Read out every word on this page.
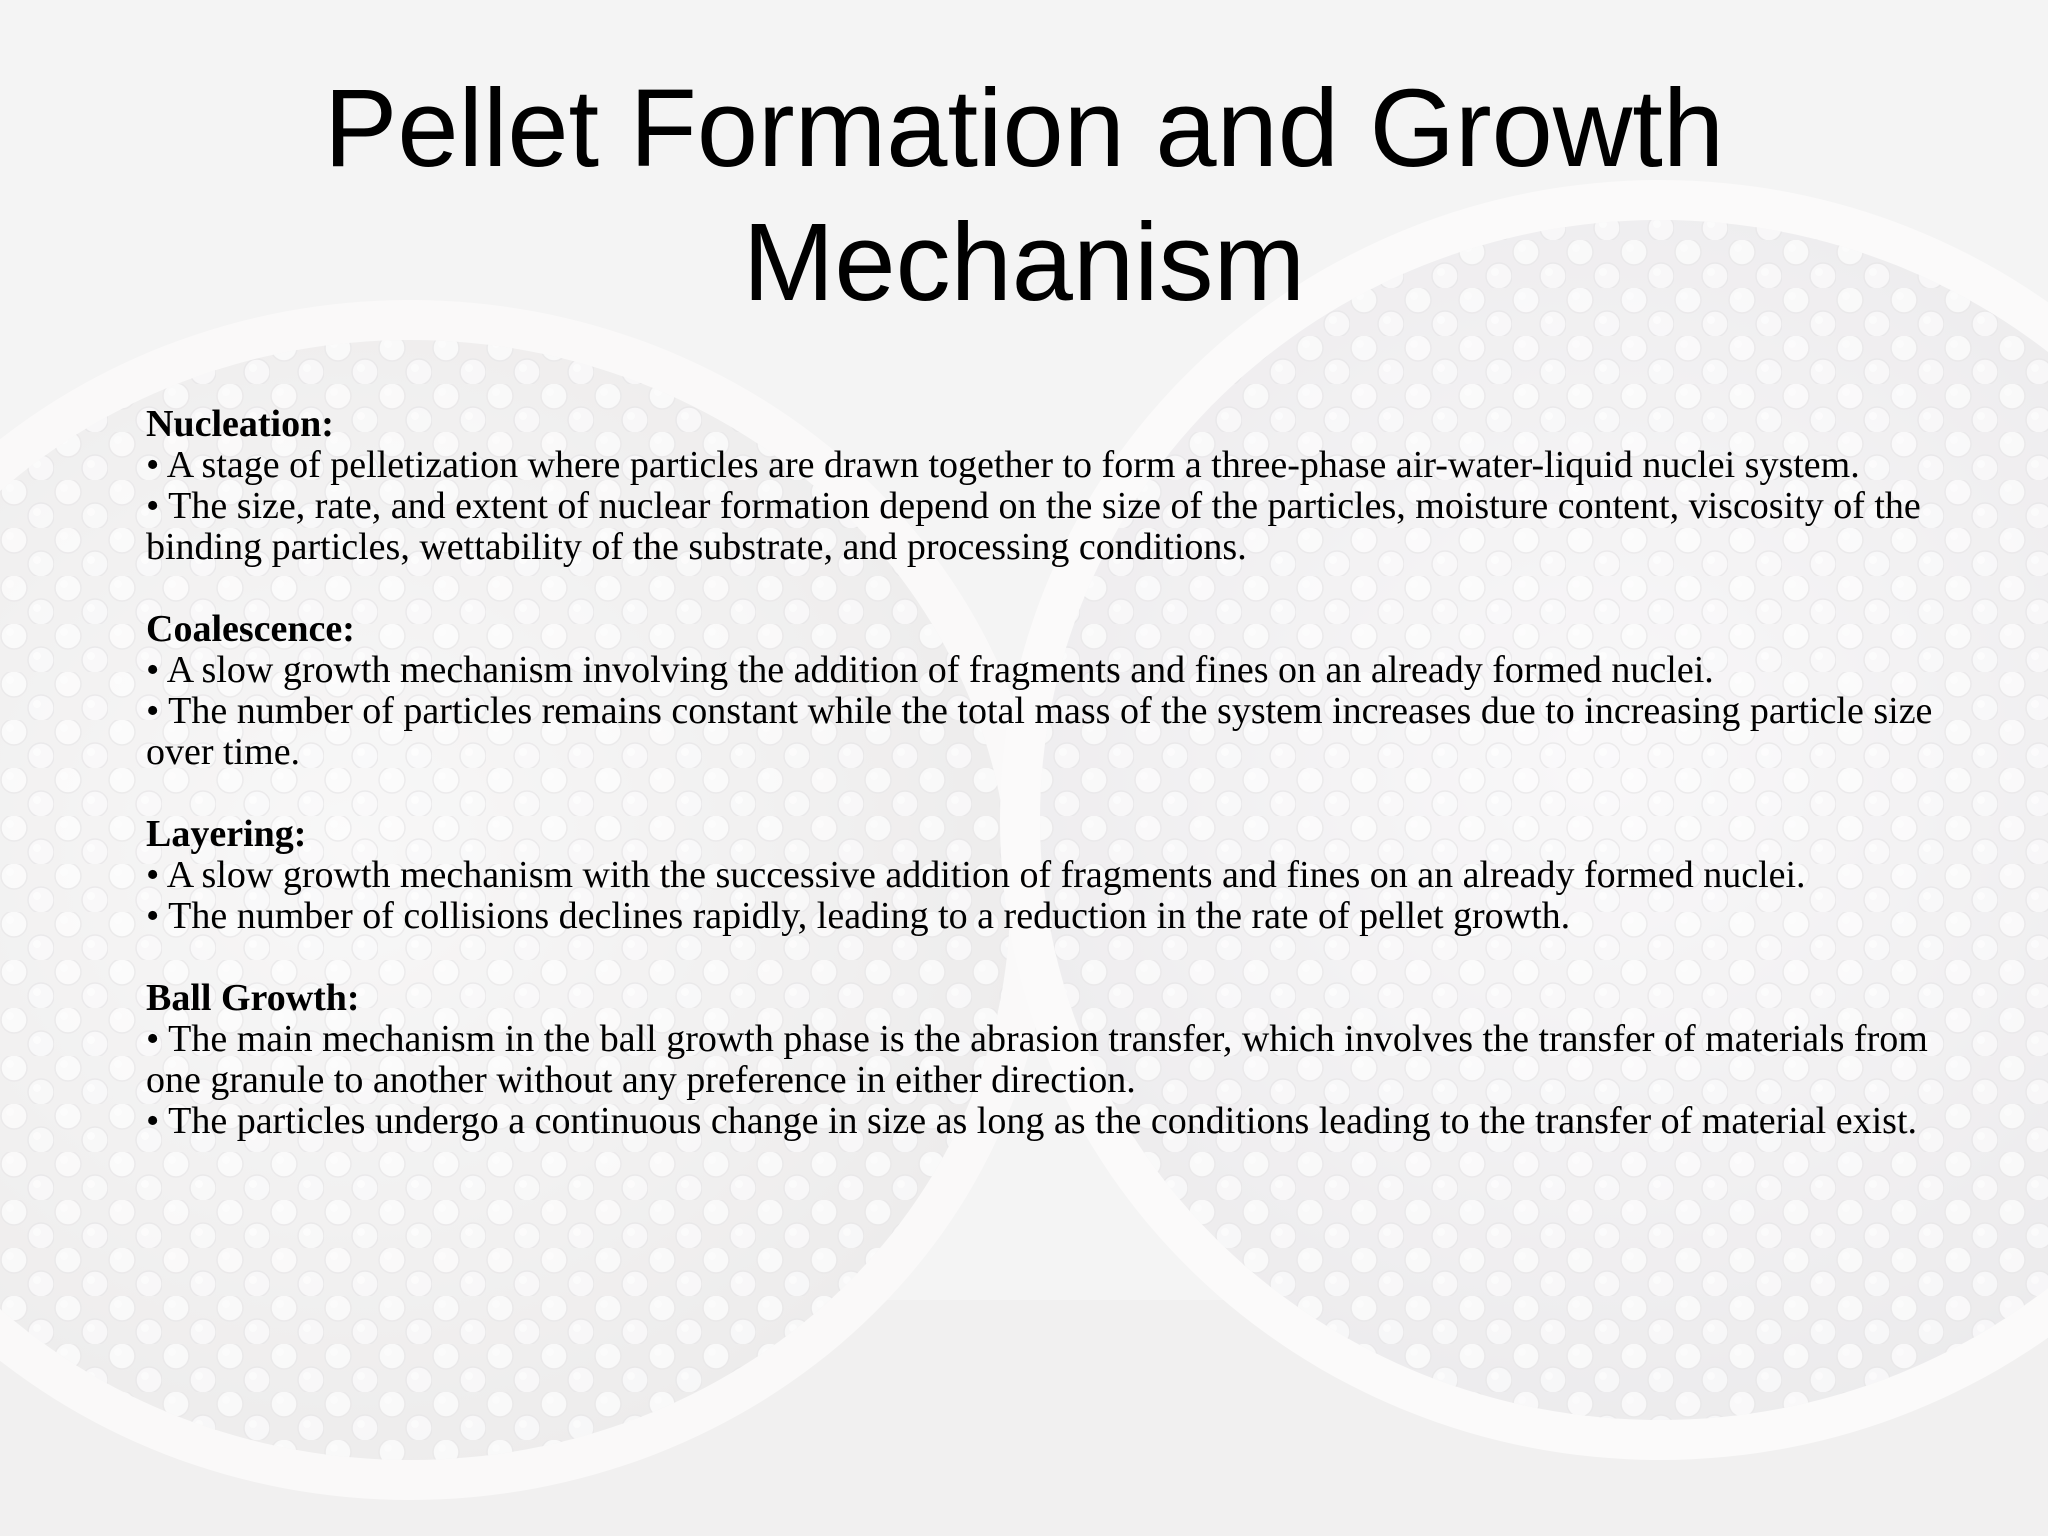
Pellet Formation and Growth
Mechanism
Nucleation:

• A stage of pelletization where particles are drawn together to form a three-phase air-water-liquid nuclei system.

• The size, rate, and extent of nuclear formation depend on the size of the particles, moisture content, viscosity of the binding particles, wettability of the substrate, and processing conditions.

Coalescence:

• A slow growth mechanism involving the addition of fragments and fines on an already formed nuclei.

• The number of particles remains constant while the total mass of the system increases due to increasing particle size over time.

Layering:

• A slow growth mechanism with the successive addition of fragments and fines on an already formed nuclei.

• The number of collisions declines rapidly, leading to a reduction in the rate of pellet growth.

Ball Growth:

• The main mechanism in the ball growth phase is the abrasion transfer, which involves the transfer of materials from one granule to another without any preference in either direction.

• The particles undergo a continuous change in size as long as the conditions leading to the transfer of material exist.
